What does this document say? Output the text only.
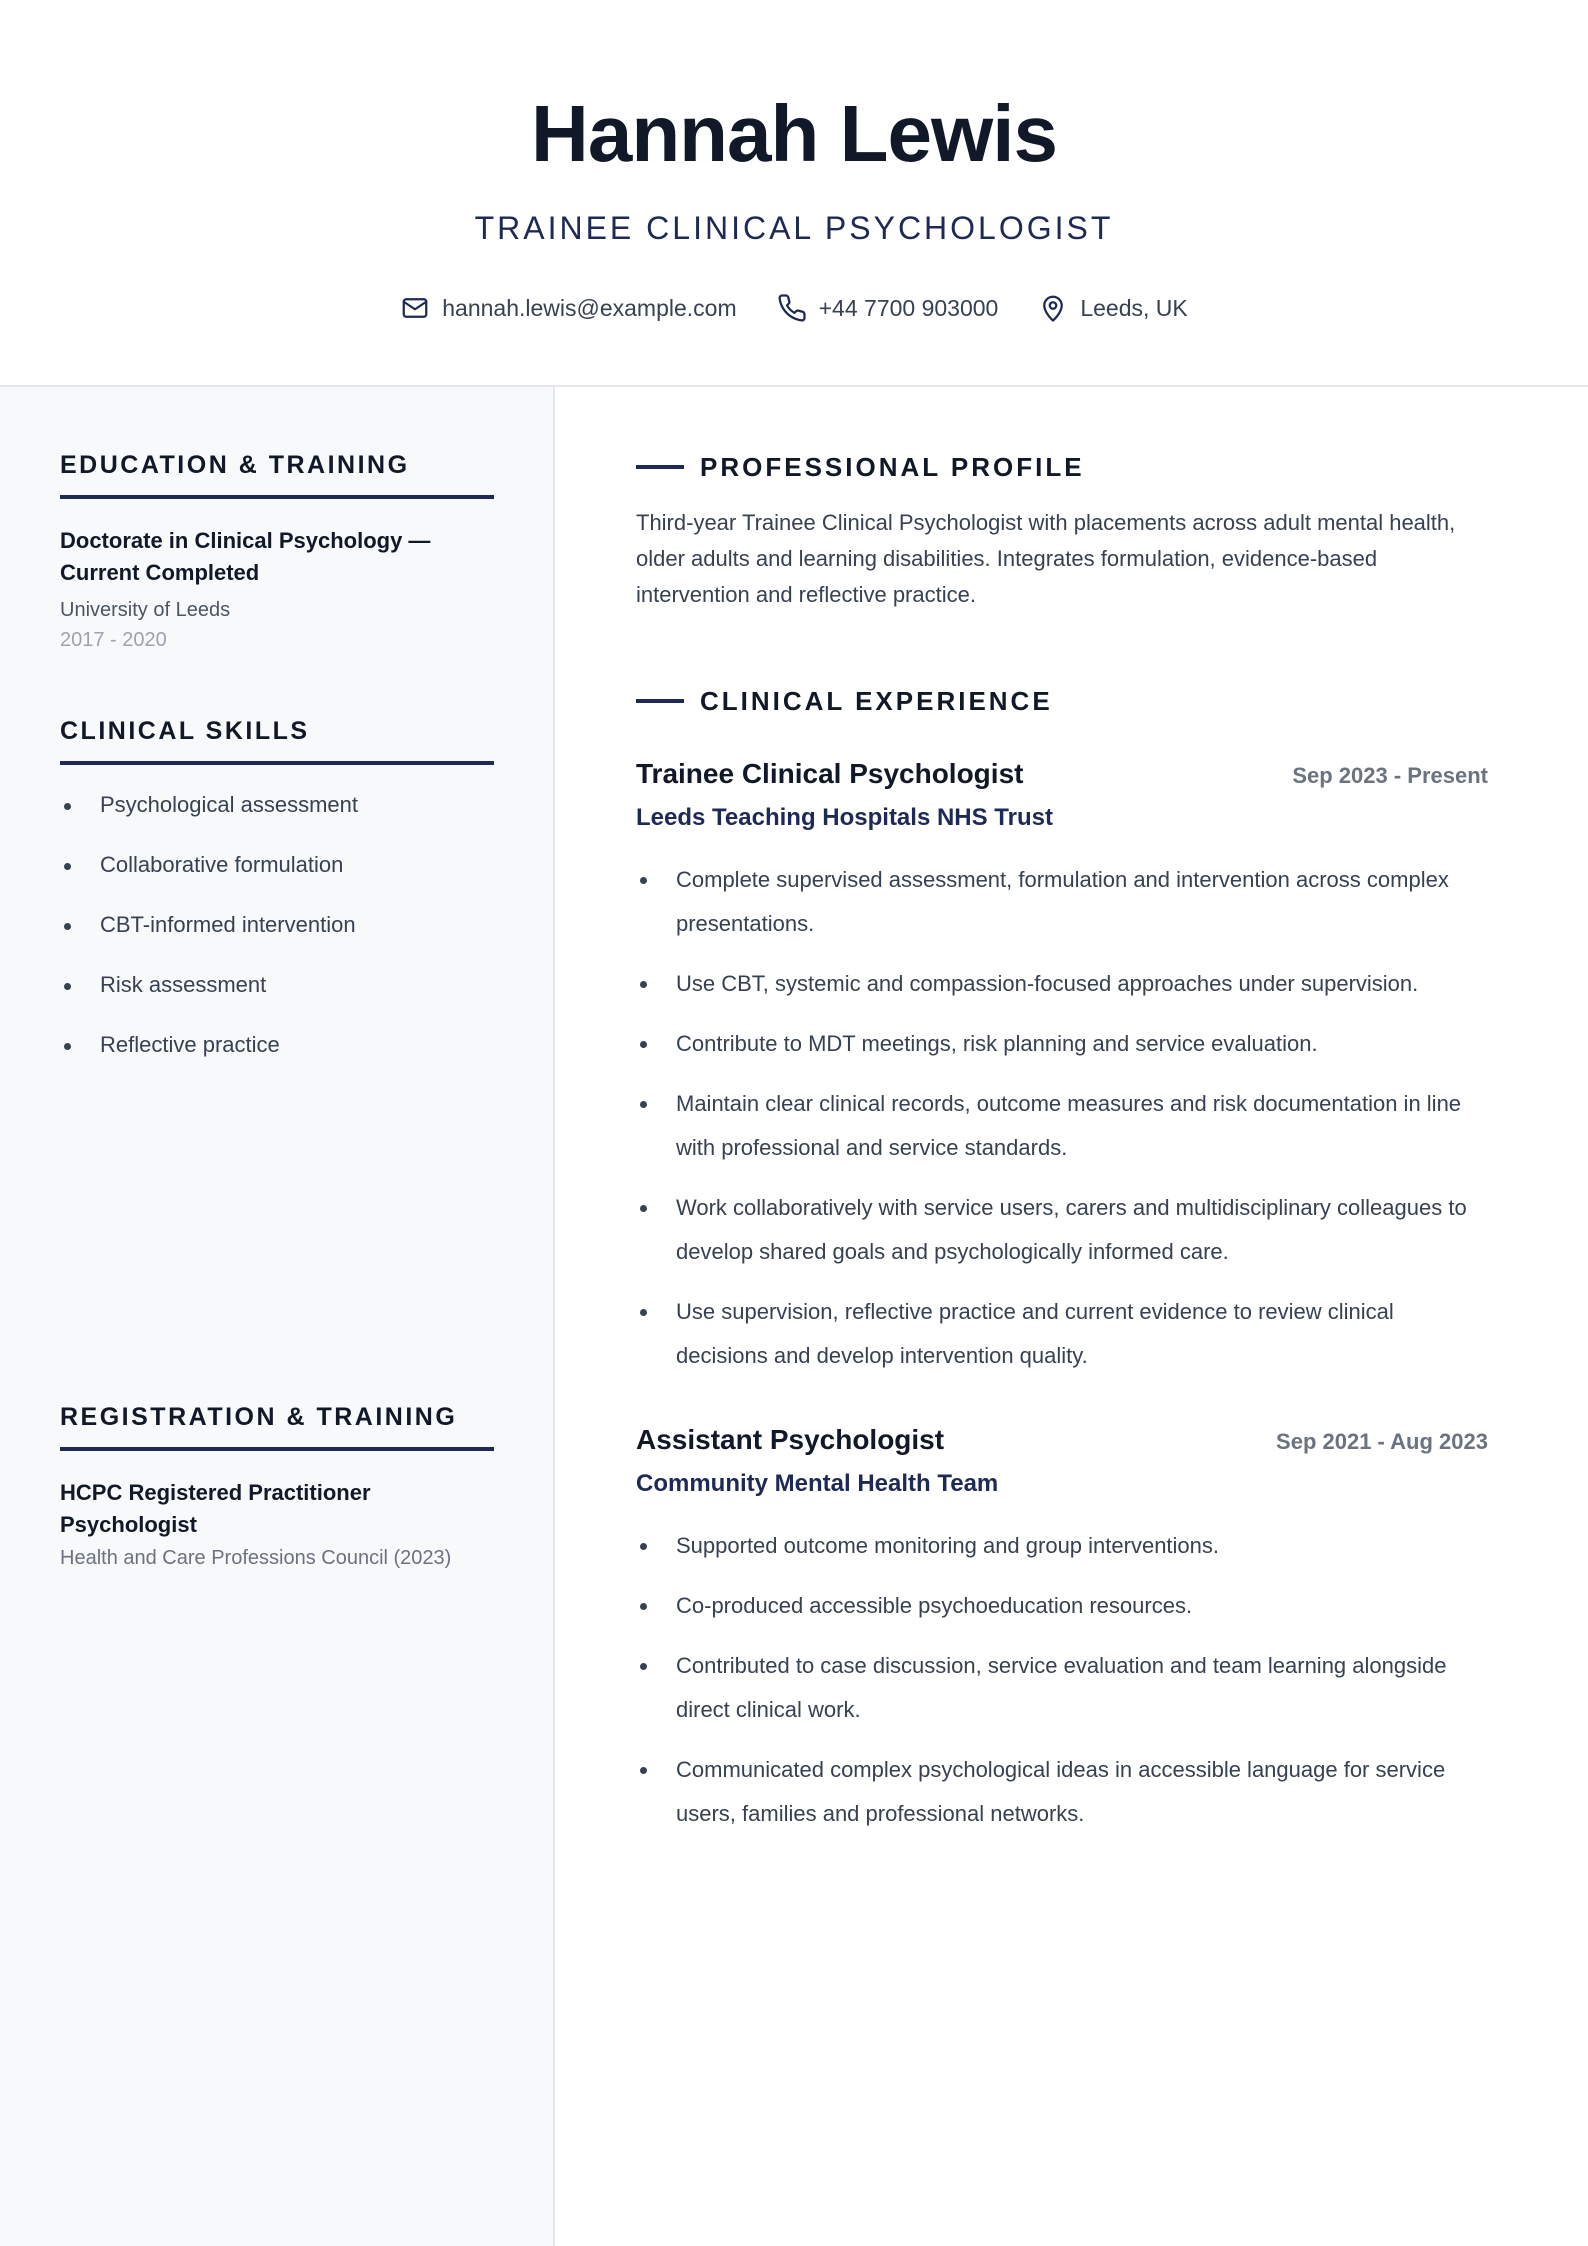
Hannah Lewis
TRAINEE CLINICAL PSYCHOLOGIST
hannah.lewis@example.com	+44 7700 903000	Leeds, UK
EDUCATION & TRAINING
Doctorate in Clinical Psychology — Current Completed
University of Leeds
2017 - 2020
CLINICAL SKILLS
Psychological assessment
Collaborative formulation
CBT-informed intervention
Risk assessment
Reflective practice
REGISTRATION & TRAINING
HCPC Registered Practitioner Psychologist
Health and Care Professions Council (2023)
PROFESSIONAL PROFILE

Third-year Trainee Clinical Psychologist with placements across adult mental health, older adults and learning disabilities. Integrates formulation, evidence-based intervention and reflective practice.

CLINICAL EXPERIENCE
Trainee Clinical Psychologist	Sep 2023 - Present
Leeds Teaching Hospitals NHS Trust
Complete supervised assessment, formulation and intervention across complex presentations.
Use CBT, systemic and compassion-focused approaches under supervision.
Contribute to MDT meetings, risk planning and service evaluation.
Maintain clear clinical records, outcome measures and risk documentation in line with professional and service standards.
Work collaboratively with service users, carers and multidisciplinary colleagues to develop shared goals and psychologically informed care.
Use supervision, reflective practice and current evidence to review clinical decisions and develop intervention quality.
Assistant Psychologist	Sep 2021 - Aug 2023
Community Mental Health Team
Supported outcome monitoring and group interventions.
Co-produced accessible psychoeducation resources.
Contributed to case discussion, service evaluation and team learning alongside direct clinical work.
Communicated complex psychological ideas in accessible language for service users, families and professional networks.
